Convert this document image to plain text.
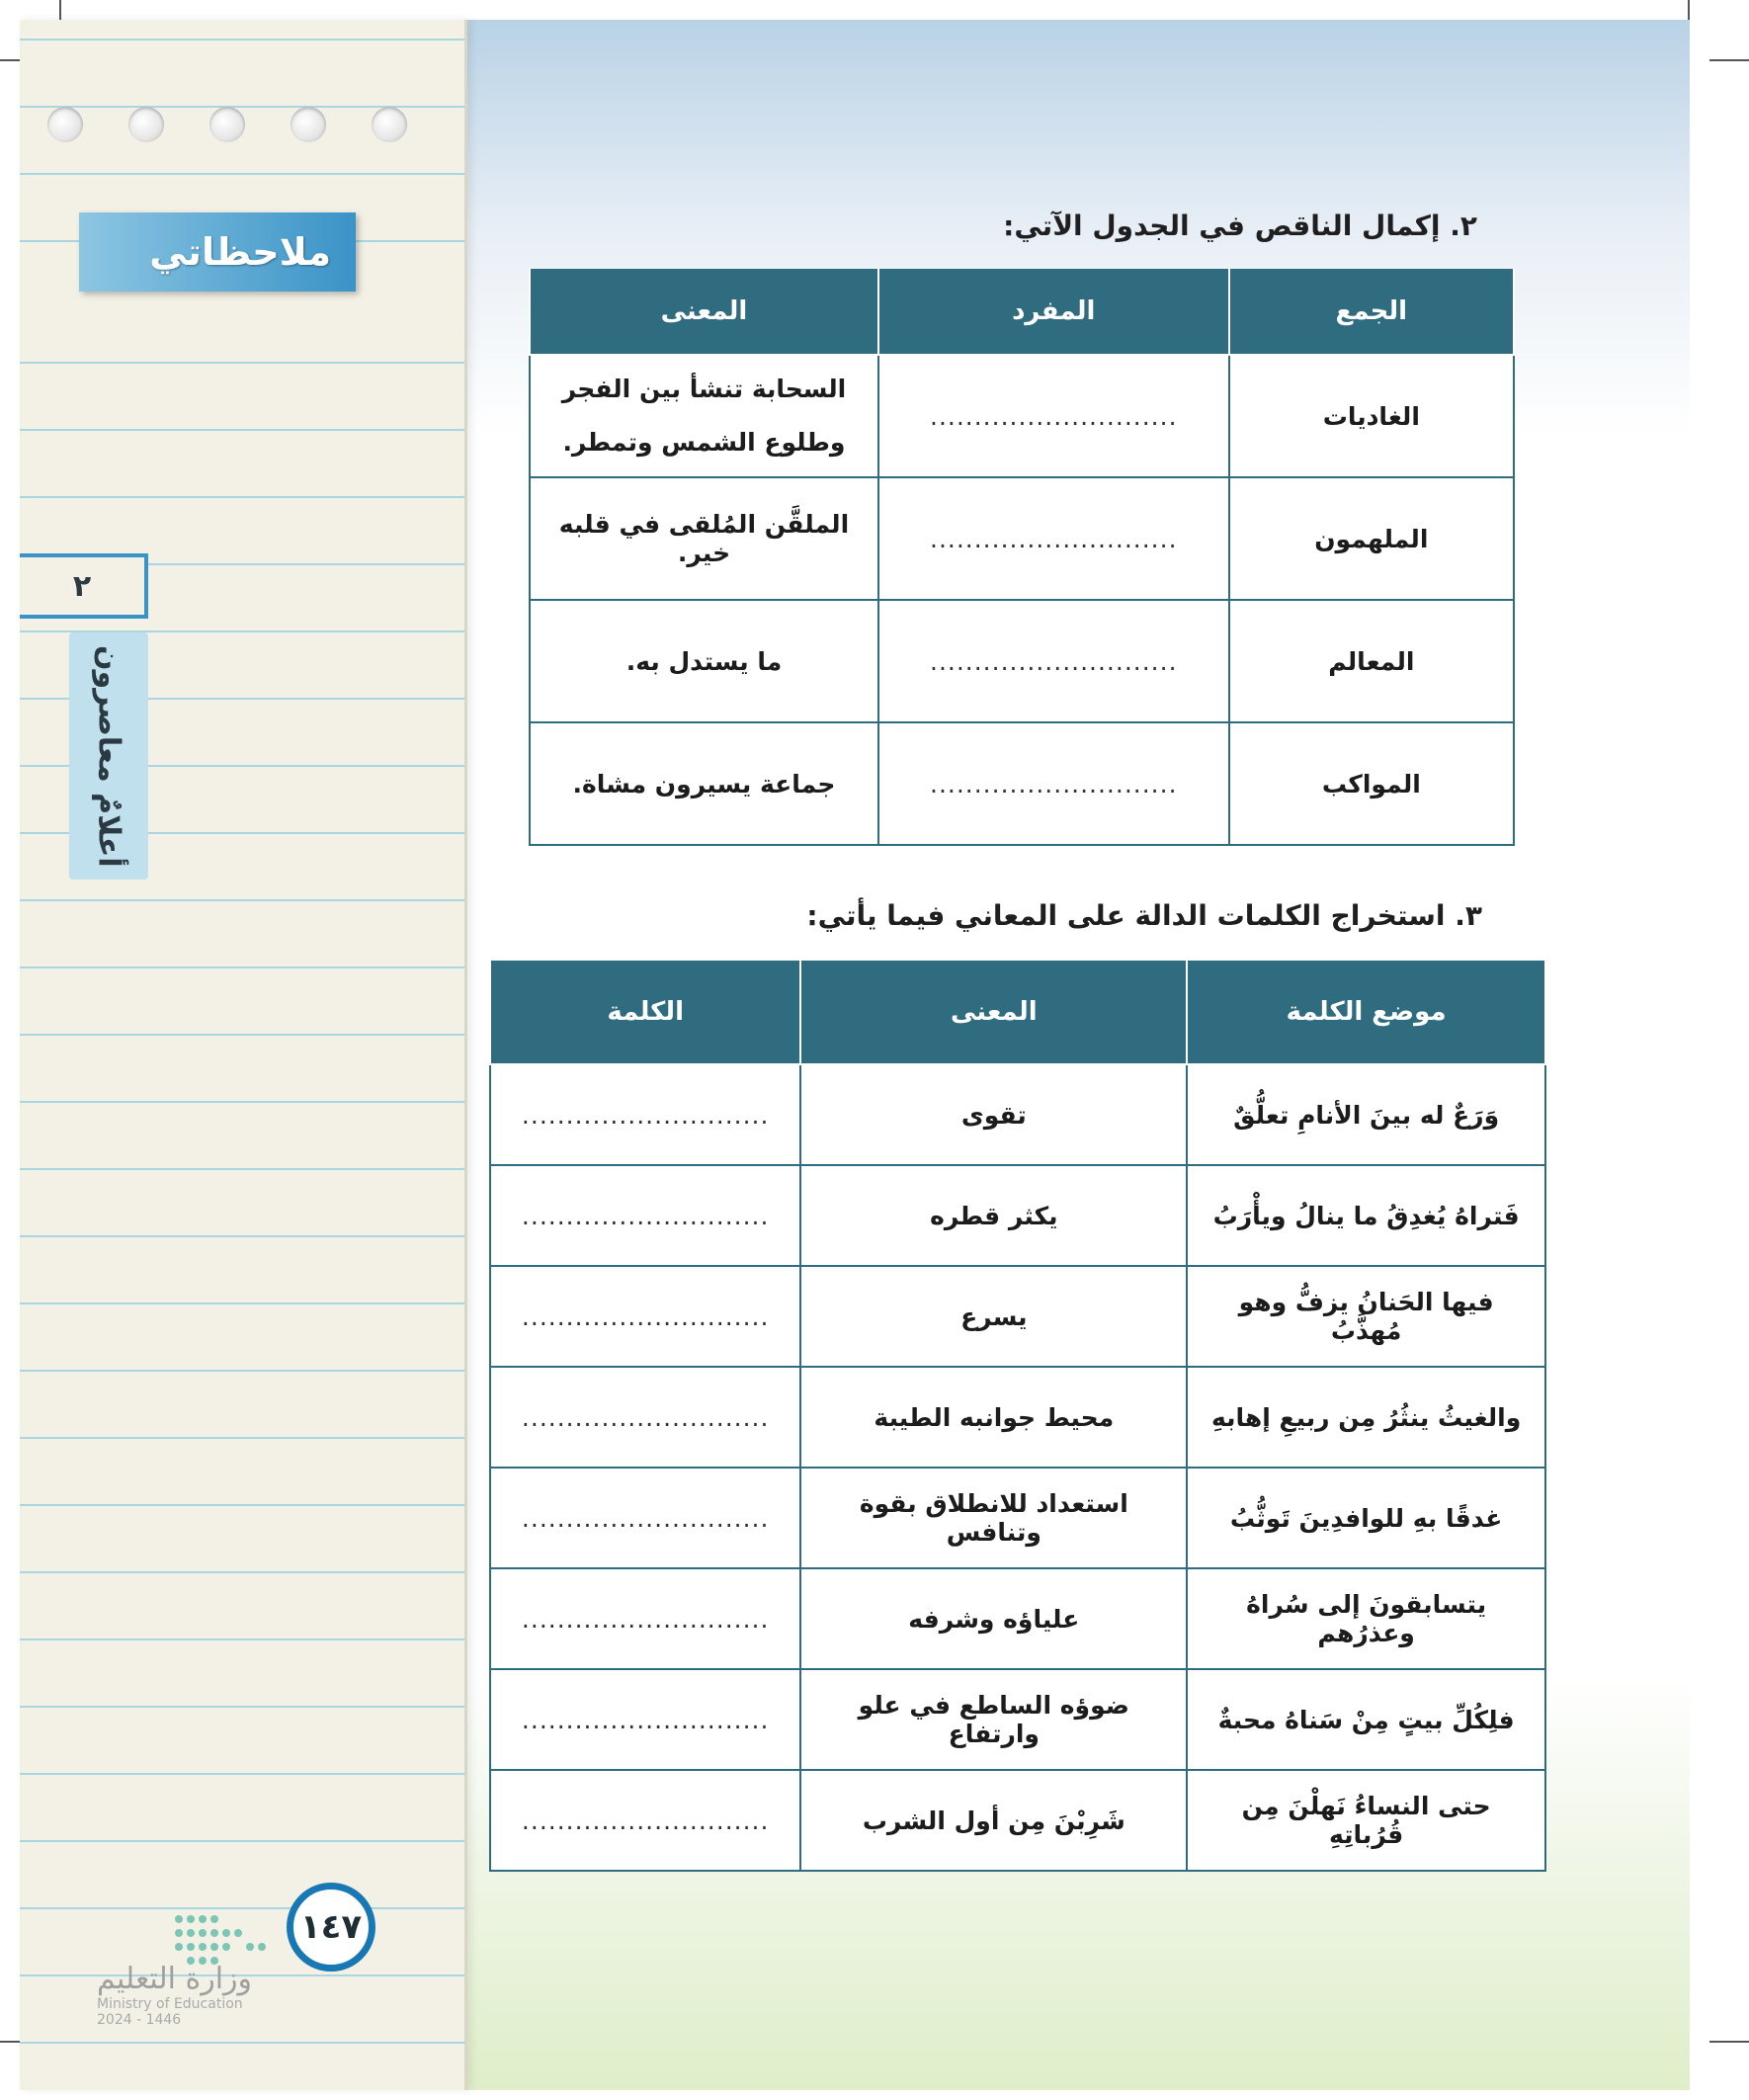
ملاحظاتي
٢
أعلامٌ معاصرون
١٤٧
وزارة التعليم
Ministry of Education
2024 - 1446
٢. إكمال الناقص في الجدول الآتي:
الجمع	المفرد	المعنى
الغاديات	............................	السحابة تنشأ بين الفجر وطلوع الشمس وتمطر.
الملهمون	............................	الملقَّن المُلقى في قلبه خير.
المعالم	............................	ما يستدل به.
المواكب	............................	جماعة يسيرون مشاة.
٣. استخراج الكلمات الدالة على المعاني فيما يأتي:
موضع الكلمة	المعنى	الكلمة
وَرَعٌ له بينَ الأنامِ تعلُّقٌ	تقوى	............................
فَتراهُ يُغدِقُ ما ينالُ ويأْرَبُ	يكثر قطره	............................
فيها الحَنانُ يزفُّ وهو مُهذَّبُ	يسرع	............................
والغيثُ ينثُرُ مِن ربيعِ إهابهِ	محيط جوانبه الطيبة	............................
غدقًا بهِ للوافدِينَ تَوثُّبُ	استعداد للانطلاق بقوة وتنافس	............................
يتسابقونَ إلى سُراهُ وعذرُهم	علياؤه وشرفه	............................
فلِكُلِّ بيتٍ مِنْ سَناهُ محبةٌ	ضوؤه الساطع في علو وارتفاع	............................
حتى النساءُ نَهلْنَ مِن قُرُباتِهِ	شَرِبْنَ مِن أول الشرب	............................
